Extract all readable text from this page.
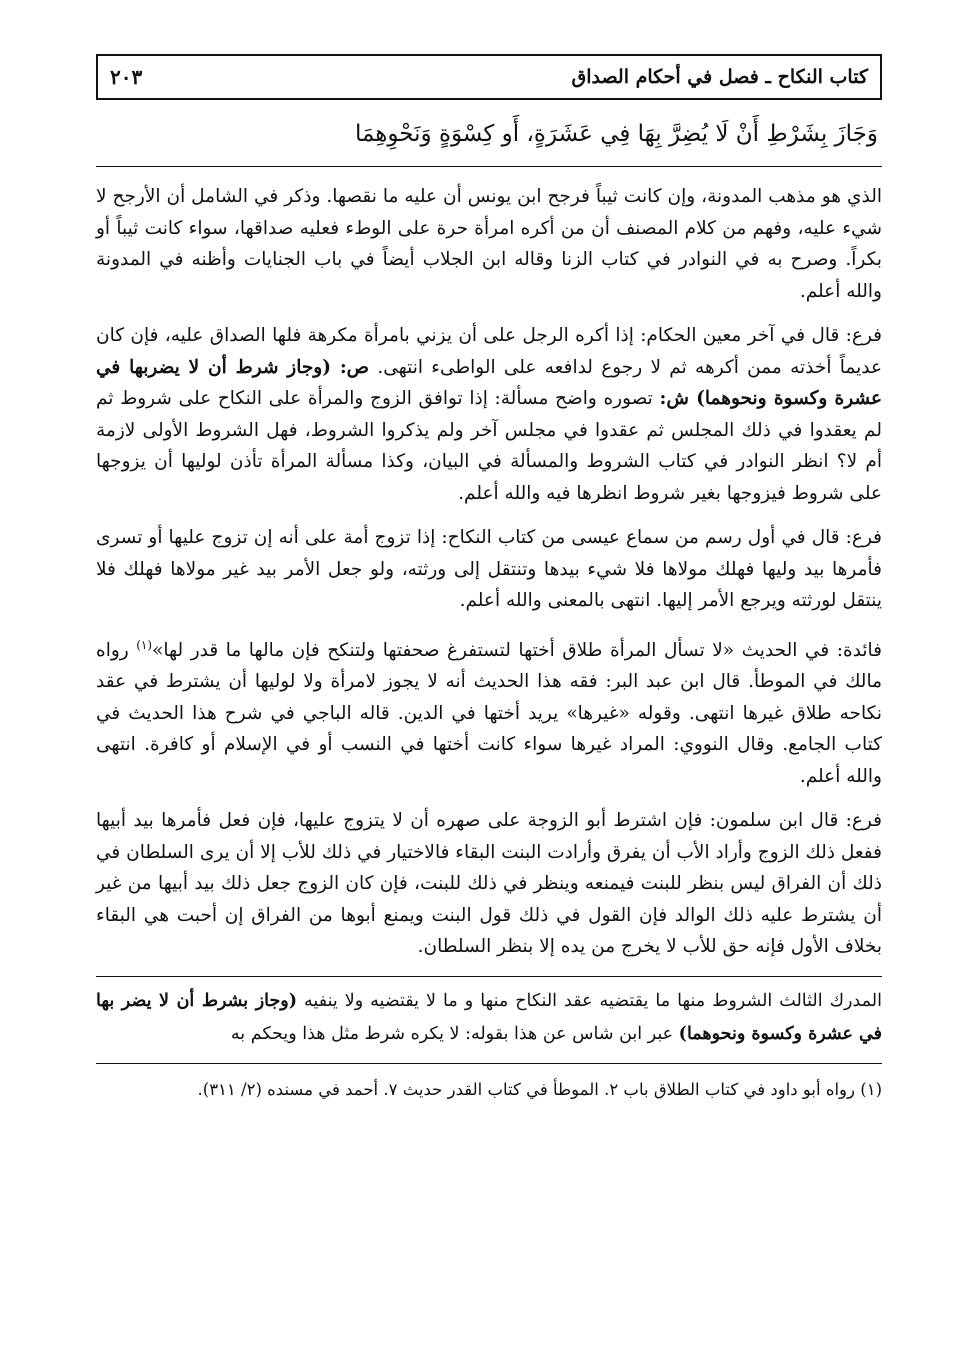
كتاب النكاح ـ فصل في أحكام الصداق
٢٠٣
وَجَازَ بِشَرْطِ أَنْ لَا يُضِرَّ بِهَا فِي عَشَرَةٍ، أَو كِسْوَةٍ وَنَحْوِهِمَا

الذي هو مذهب المدونة، وإن كانت ثيباً فرجح ابن يونس أن عليه ما نقصها. وذكر في الشامل أن الأرجح لا شيء عليه، وفهم من كلام المصنف أن من أكره امرأة حرة على الوطء فعليه صداقها، سواء كانت ثيباً أو بكراً. وصرح به في النوادر في كتاب الزنا وقاله ابن الجلاب أيضاً في باب الجنايات وأظنه في المدونة والله أعلم.

فرع: قال في آخر معين الحكام: إذا أكره الرجل على أن يزني بامرأة مكرهة فلها الصداق عليه، فإن كان عديماً أخذته ممن أكرهه ثم لا رجوع لدافعه على الواطىء انتهى. ص: (وجاز شرط أن لا يضربها في عشرة وكسوة ونحوهما) ش: تصوره واضح مسألة: إذا توافق الزوج والمرأة على النكاح على شروط ثم لم يعقدوا في ذلك المجلس ثم عقدوا في مجلس آخر ولم يذكروا الشروط، فهل الشروط الأولى لازمة أم لا؟ انظر النوادر في كتاب الشروط والمسألة في البيان، وكذا مسألة المرأة تأذن لوليها أن يزوجها على شروط فيزوجها بغير شروط انظرها فيه والله أعلم.

فرع: قال في أول رسم من سماع عيسى من كتاب النكاح: إذا تزوج أمة على أنه إن تزوج عليها أو تسرى فأمرها بيد وليها فهلك مولاها فلا شيء بيدها وتنتقل إلى ورثته، ولو جعل الأمر بيد غير مولاها فهلك فلا ينتقل لورثته ويرجع الأمر إليها. انتهى بالمعنى والله أعلم.

فائدة: في الحديث «لا تسأل المرأة طلاق أختها لتستفرغ صحفتها ولتنكح فإن مالها ما قدر لها»$^{(١)}$ رواه مالك في الموطأ. قال ابن عبد البر: فقه هذا الحديث أنه لا يجوز لامرأة ولا لوليها أن يشترط في عقد نكاحه طلاق غيرها انتهى. وقوله «غيرها» يريد أختها في الدين. قاله الباجي في شرح هذا الحديث في كتاب الجامع. وقال النووي: المراد غيرها سواء كانت أختها في النسب أو في الإسلام أو كافرة. انتهى والله أعلم.

فرع: قال ابن سلمون: فإن اشترط أبو الزوجة على صهره أن لا يتزوج عليها، فإن فعل فأمرها بيد أبيها ففعل ذلك الزوج وأراد الأب أن يفرق وأرادت البنت البقاء فالاختيار في ذلك للأب إلا أن يرى السلطان في ذلك أن الفراق ليس بنظر للبنت فيمنعه وينظر في ذلك للبنت، فإن كان الزوج جعل ذلك بيد أبيها من غير أن يشترط عليه ذلك الوالد فإن القول في ذلك قول البنت ويمنع أبوها من الفراق إن أحبت هي البقاء بخلاف الأول فإنه حق للأب لا يخرج من يده إلا بنظر السلطان.

المدرك الثالث الشروط منها ما يقتضيه عقد النكاح منها و ما لا يقتضيه ولا ينفيه (وجاز بشرط أن لا يضر بها في عشرة وكسوة ونحوهما) عبر ابن شاس عن هذا بقوله: لا يكره شرط مثل هذا ويحكم به
(١) رواه أبو داود في كتاب الطلاق باب ٢. الموطأ في كتاب القدر حديث ٧. أحمد في مسنده (٢/ ٣١١).
